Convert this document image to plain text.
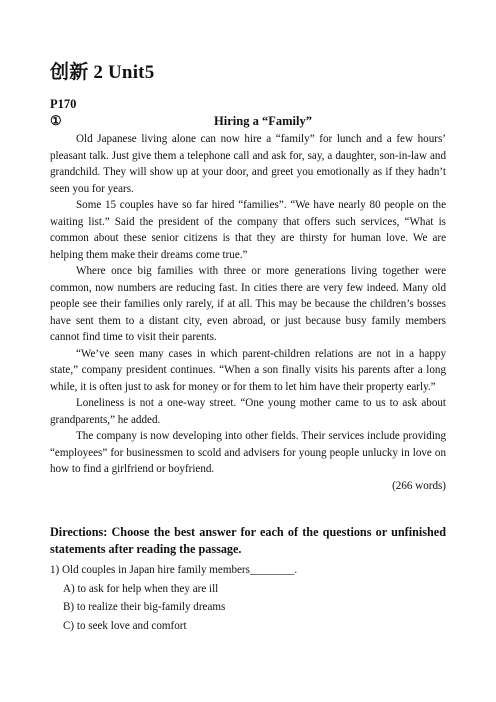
创新 2 Unit5
P170
①	Hiring a “Family”

Old Japanese living alone can now hire a “family” for lunch and a few hours’ pleasant talk. Just give them a telephone call and ask for, say, a daughter, son-in-law and grandchild. They will show up at your door, and greet you emotionally as if they hadn’t seen you for years.

Some 15 couples have so far hired “families”. “We have nearly 80 people on the waiting list.” Said the president of the company that offers such services, “What is common about these senior citizens is that they are thirsty for human love. We are helping them make their dreams come true.”

Where once big families with three or more generations living together were common, now numbers are reducing fast. In cities there are very few indeed. Many old people see their families only rarely, if at all. This may be because the children’s bosses have sent them to a distant city, even abroad, or just because busy family members cannot find time to visit their parents.

“We’ve seen many cases in which parent-children relations are not in a happy state,” company president continues. “When a son finally visits his parents after a long while, it is often just to ask for money or for them to let him have their property early.”

Loneliness is not a one-way street. “One young mother came to us to ask about grandparents,” he added.

The company is now developing into other fields. Their services include providing “employees” for businessmen to scold and advisers for young people unlucky in love on how to find a girlfriend or boyfriend.

(266 words)

Directions: Choose the best answer for each of the questions or unfinished statements after reading the passage.
1) Old couples in Japan hire family members________.
A) to ask for help when they are ill
B) to realize their big-family dreams
C) to seek love and comfort
